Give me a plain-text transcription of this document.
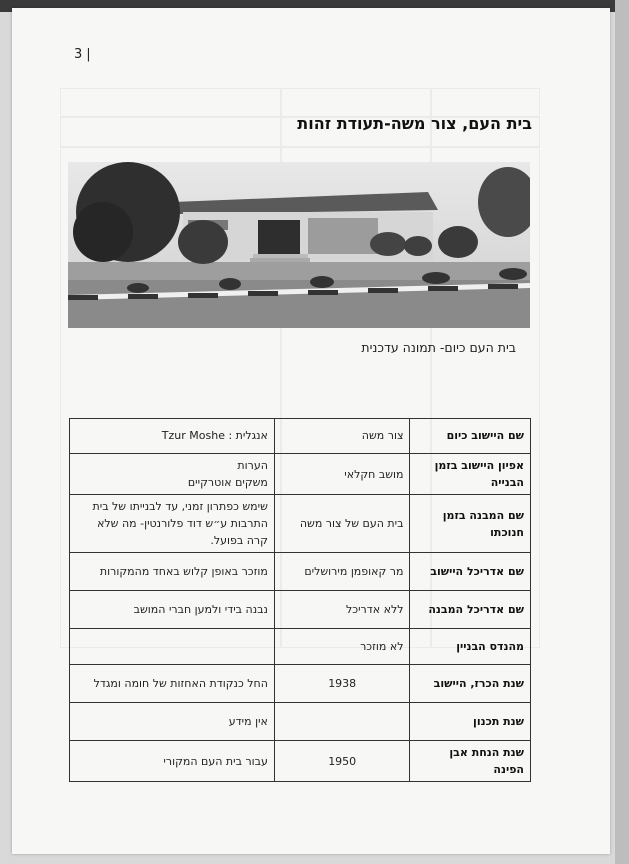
3 |
בית העם, צור משה-תעודת זהות
בית העם כיום- תמונה עדכנית
שם היישוב כיום	צור משה	אנגלית : Tzur Moshe
אפיון היישוב בזמן הבנייה	מושב חקלאי	הערות
משקים אוטרקיים
שם המבנה בזמן חנוכתו	בית העם של צור משה	שימש כפתרון זמני, עד לבנייתו של בית התרבות ע״ש דוד פלורנטין- מה שלא קרה בפועל.
שם אדריכל היישוב	מר קאופמן מירושלים	מוזכר באופן קלוש באחד מהמקורות
שם אדריכל המבנה	ללא אדריכל	נבנה בידי ולמען חברי המושב
מהנדס הבניין	לא מוזכר	
שנת הכרז, היישוב	1938	החל כנקודת האחזות של חומה ומגדל
שנת תכנון		אין מידע
שנת הנחת אבן הפינה	1950	עבור בית העם המקורי
